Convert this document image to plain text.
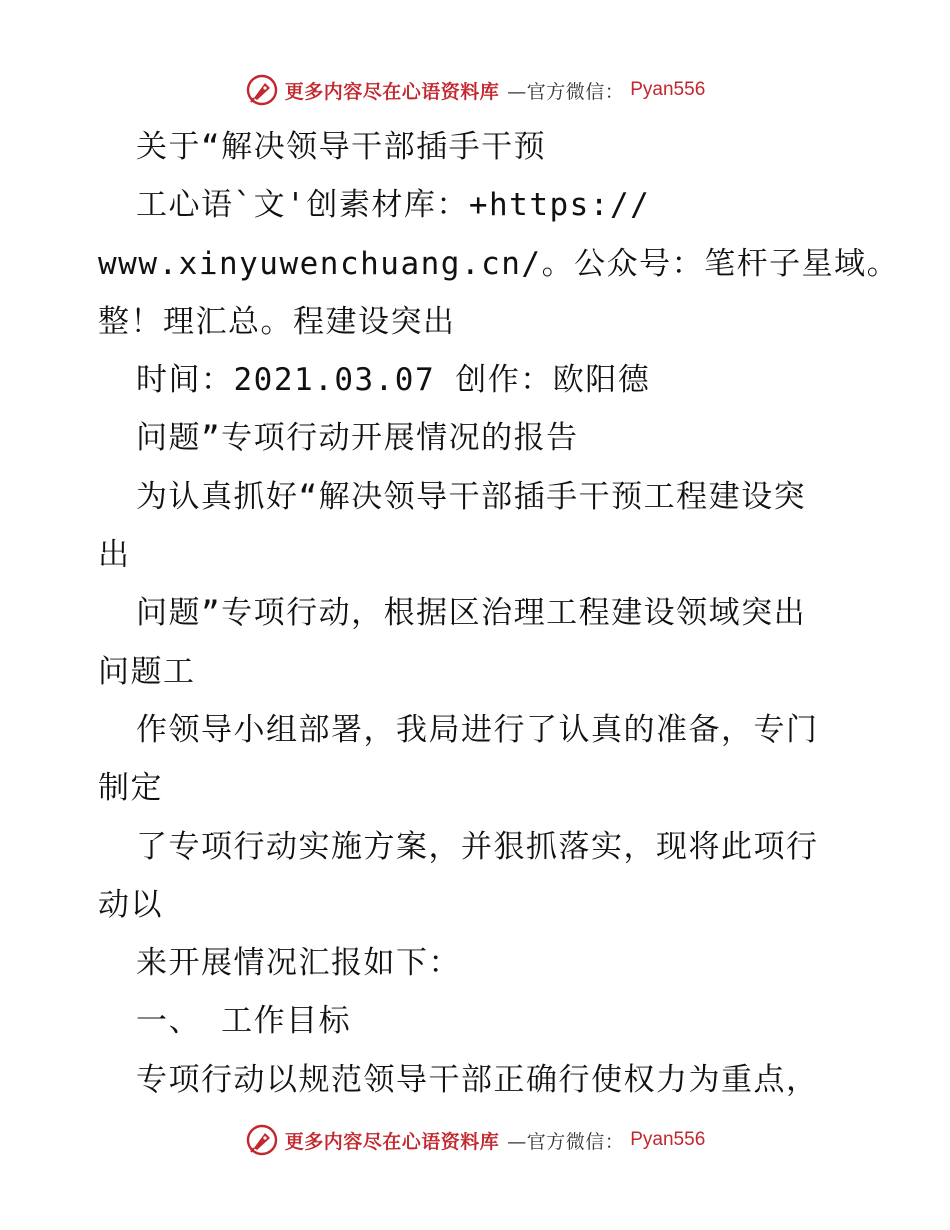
更多内容尽在心语资料库 —官方微信： Pyan556
关于“解决领导干部插手干预
工心语`文'创素材库：+https://
www.xinyuwenchuang.cn/。公众号：笔杆子星域。
整！理汇总。程建设突出
时间：2021.03.07 创作：欧阳德
问题”专项行动开展情况的报告
为认真抓好“解决领导干部插手干预工程建设突
出
问题”专项行动，根据区治理工程建设领域突出
问题工
作领导小组部署，我局进行了认真的准备，专门
制定
了专项行动实施方案，并狠抓落实，现将此项行
动以
来开展情况汇报如下：
一、 工作目标
专项行动以规范领导干部正确行使权力为重点，
更多内容尽在心语资料库 —官方微信： Pyan556
